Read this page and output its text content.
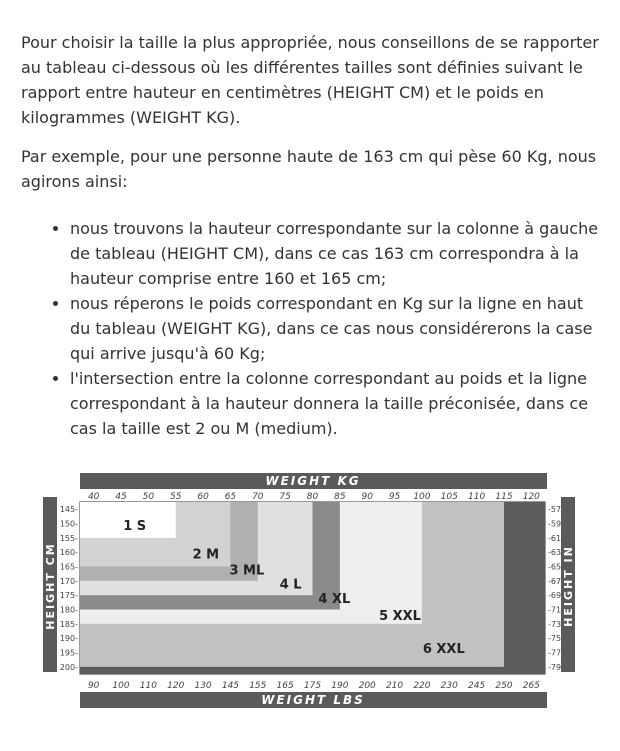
Pour choisir la taille la plus appropriée, nous conseillons de se rapporter au tableau ci-dessous où les différentes tailles sont définies suivant le rapport entre hauteur en centimètres (HEIGHT CM) et le poids en kilogrammes (WEIGHT KG).

Par exemple, pour une personne haute de 163 cm qui pèse 60 Kg, nous agirons ainsi:

• nous trouvons la hauteur correspondante sur la colonne à gauche de tableau (HEIGHT CM), dans ce cas 163 cm correspondra à la hauteur comprise entre 160 et 165 cm;
• nous réperons le poids correspondant en Kg sur la ligne en haut du tableau (WEIGHT KG), dans ce cas nous considérerons la case qui arrive jusqu'à 60 Kg;
• l'intersection entre la colonne correspondant au poids et la ligne correspondant à la hauteur donnera la taille préconisée, dans ce cas la taille est 2 ou M (medium).
WEIGHT KG
WEIGHT LBS
HEIGHT CM	HEIGHT IN
1 S
2 M
3 ML
4 L
4 XL
5 XXL
6 XXL
40 45 50 55 60 65 70 75 80 85 90 95 100 105 110 115 120
90 100 110 120 130 145 155 165 175 190 200 210 220 230 245 250 265
145-
150-
155-
160-
165-
170-
175-
180-
185-
190-
195-
200-
-57
-59
-61
-63
-65
-67
-69
-71
-73
-75
-77
-79
